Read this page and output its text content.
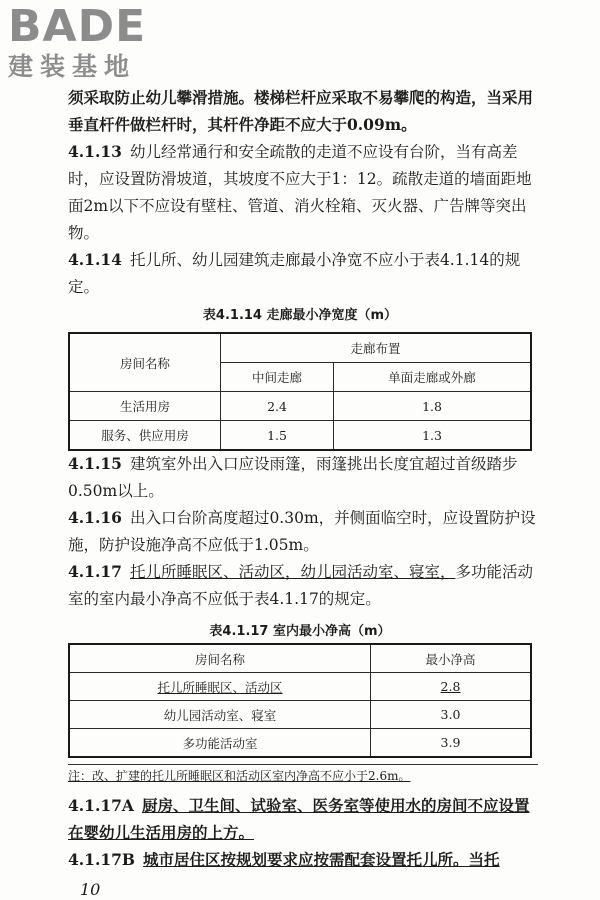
BADE
建装基地
须采取防止幼儿攀滑措施。楼梯栏杆应采取不易攀爬的构造，当采用垂直杆件做栏杆时，其杆件净距不应大于0.09m。
4.1.13 幼儿经常通行和安全疏散的走道不应设有台阶，当有高差时，应设置防滑坡道，其坡度不应大于1：12。疏散走道的墙面距地面2m以下不应设有壁柱、管道、消火栓箱、灭火器、广告牌等突出物。
4.1.14 托儿所、幼儿园建筑走廊最小净宽不应小于表4.1.14的规定。
表4.1.14 走廊最小净宽度（m）
房间名称	走廊布置	
	中间走廊	单面走廊或外廊
生活用房	2.4	1.8
服务、供应用房	1.5	1.3
4.1.15 建筑室外出入口应设雨篷，雨篷挑出长度宜超过首级踏步0.50m以上。
4.1.16 出入口台阶高度超过0.30m，并侧面临空时，应设置防护设施，防护设施净高不应低于1.05m。
4.1.17 托儿所睡眠区、活动区，幼儿园活动室、寝室，多功能活动室的室内最小净高不应低于表4.1.17的规定。
表4.1.17 室内最小净高（m）
房间名称	最小净高
托儿所睡眠区、活动区	2.8
幼儿园活动室、寝室	3.0
多功能活动室	3.9
注：改、扩建的托儿所睡眠区和活动区室内净高不应小于2.6m。
4.1.17A 厨房、卫生间、试验室、医务室等使用水的房间不应设置在婴幼儿生活用房的上方。
4.1.17B 城市居住区按规划要求应按需配套设置托儿所。当托
10
